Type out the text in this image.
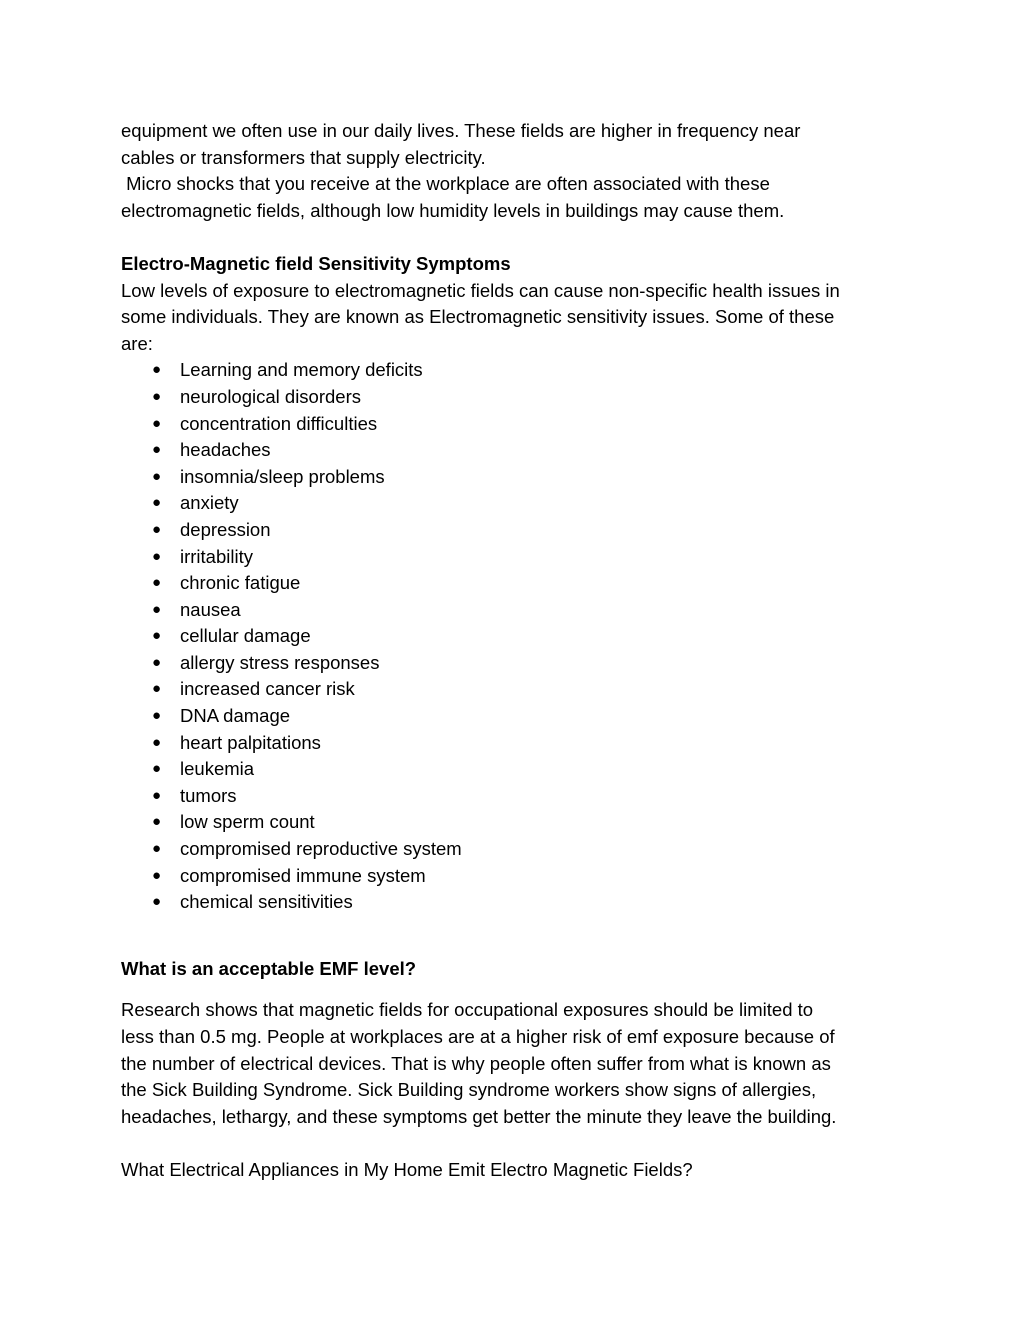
equipment we often use in our daily lives. These fields are higher in frequency near
cables or transformers that supply electricity.
Micro shocks that you receive at the workplace are often associated with these
electromagnetic fields, although low humidity levels in buildings may cause them.
Electro-Magnetic field Sensitivity Symptoms
Low levels of exposure to electromagnetic fields can cause non-specific health issues in
some individuals. They are known as Electromagnetic sensitivity issues. Some of these
are:
● Learning and memory deficits
● neurological disorders
● concentration difficulties
● headaches
● insomnia/sleep problems
● anxiety
● depression
● irritability
● chronic fatigue
● nausea
● cellular damage
● allergy stress responses
● increased cancer risk
● DNA damage
● heart palpitations
● leukemia
● tumors
● low sperm count
● compromised reproductive system
● compromised immune system
● chemical sensitivities
What is an acceptable EMF level?
Research shows that magnetic fields for occupational exposures should be limited to
less than 0.5 mg. People at workplaces are at a higher risk of emf exposure because of
the number of electrical devices. That is why people often suffer from what is known as
the Sick Building Syndrome. Sick Building syndrome workers show signs of allergies,
headaches, lethargy, and these symptoms get better the minute they leave the building.
What Electrical Appliances in My Home Emit Electro Magnetic Fields?
